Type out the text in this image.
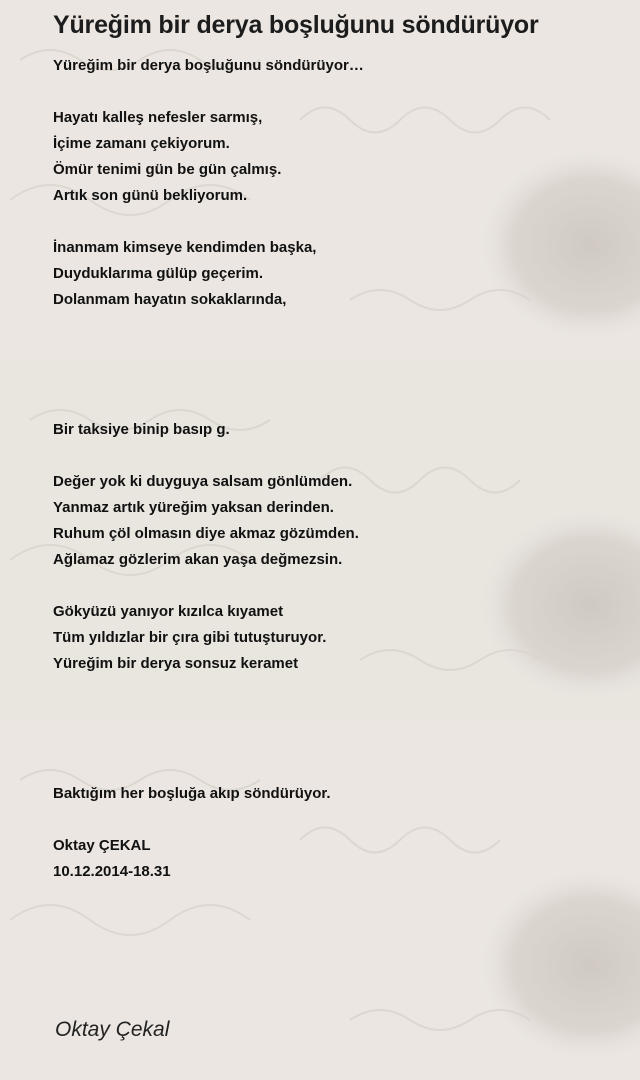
Yüreğim bir derya boşluğunu söndürüyor
Yüreğim bir derya boşluğunu söndürüyor…
Hayatı kalleş nefesler sarmış,
İçime zamanı çekiyorum.
Ömür tenimi gün be gün çalmış.
Artık son günü bekliyorum.
İnanmam kimseye kendimden başka,
Duyduklarıma gülüp geçerim.
Dolanmam hayatın sokaklarında,
Bir taksiye binip basıp g.
Değer yok ki duyguya salsam gönlümden.
Yanmaz artık yüreğim yaksan derinden.
Ruhum çöl olmasın diye akmaz gözümden.
Ağlamaz gözlerim akan yaşa değmezsin.
Gökyüzü yanıyor kızılca kıyamet
Tüm yıldızlar bir çıra gibi tutuşturuyor.
Yüreğim bir derya sonsuz keramet
Baktığım her boşluğa akıp söndürüyor.
Oktay ÇEKAL
10.12.2014-18.31
Oktay Çekal
